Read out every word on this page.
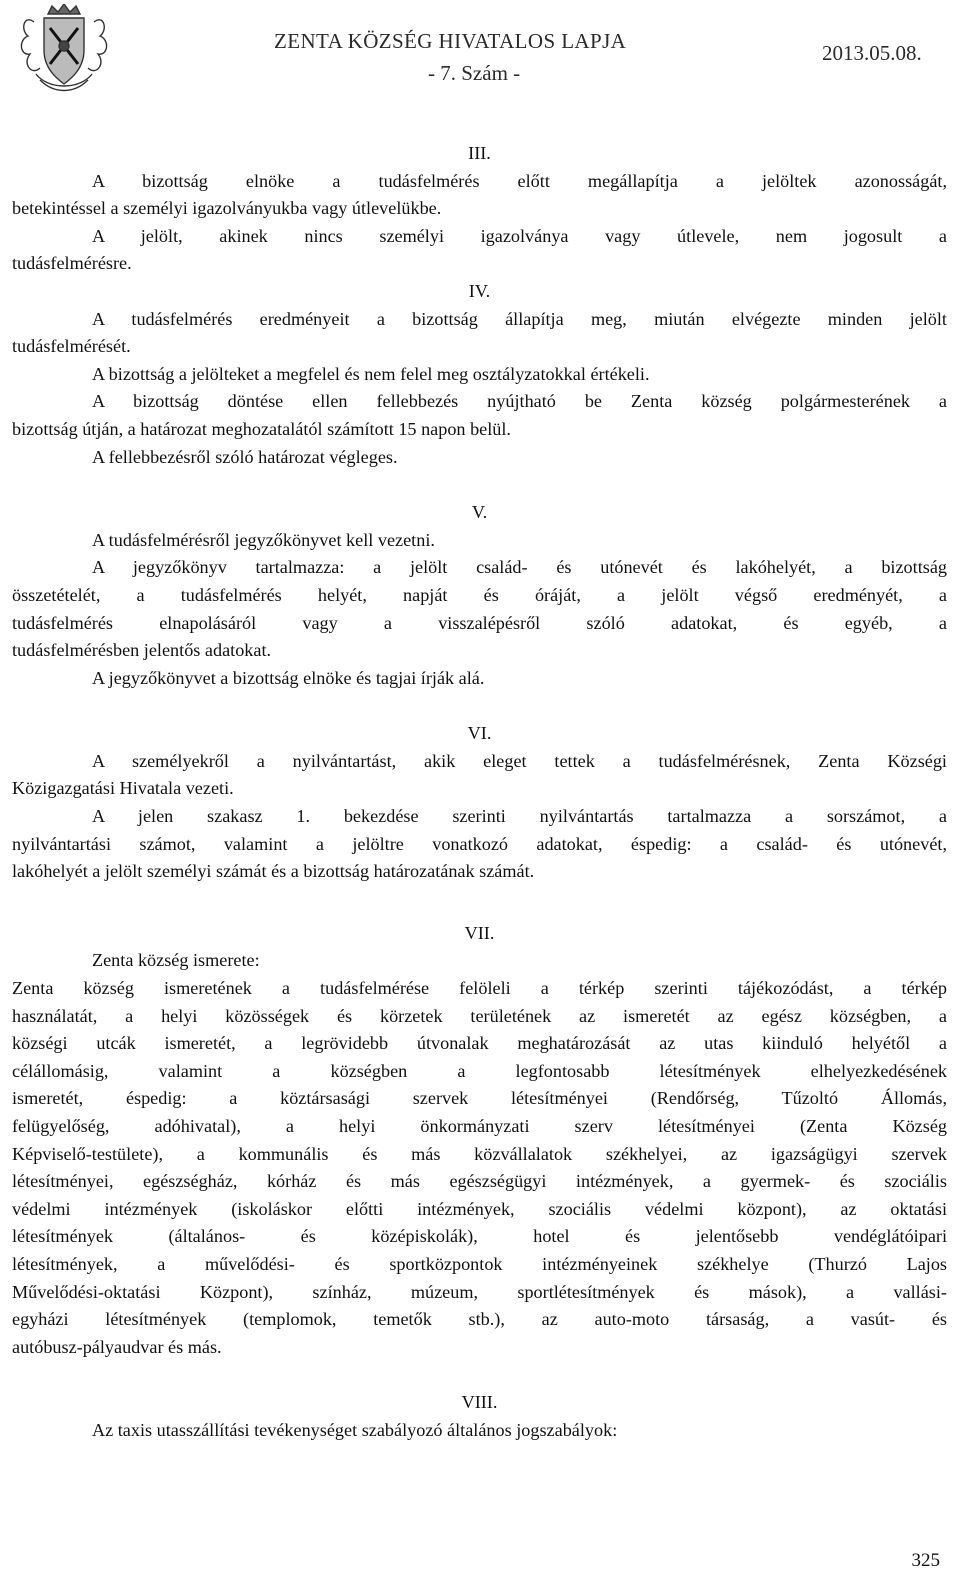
ZENTA KÖZSÉG HIVATALOS LAPJA
- 7. Szám -
2013.05.08.
III.
A bizottság elnöke a tudásfelmérés előtt megállapítja a jelöltek azonosságát,
betekintéssel a személyi igazolványukba vagy útlevelükbe.
A jelölt, akinek nincs személyi igazolványa vagy útlevele, nem jogosult a
tudásfelmérésre.
IV.
A tudásfelmérés eredményeit a bizottság állapítja meg, miután elvégezte minden jelölt
tudásfelmérését.
A bizottság a jelölteket a megfelel és nem felel meg osztályzatokkal értékeli.
A bizottság döntése ellen fellebbezés nyújtható be Zenta község polgármesterének a
bizottság útján, a határozat meghozatalától számított 15 napon belül.
A fellebbezésről szóló határozat végleges.
V.
A tudásfelmérésről jegyzőkönyvet kell vezetni.
A jegyzőkönyv tartalmazza: a jelölt család- és utónevét és lakóhelyét, a bizottság
összetételét, a tudásfelmérés helyét, napját és óráját, a jelölt végső eredményét, a
tudásfelmérés elnapolásáról vagy a visszalépésről szóló adatokat, és egyéb, a
tudásfelmérésben jelentős adatokat.
A jegyzőkönyvet a bizottság elnöke és tagjai írják alá.
VI.
A személyekről a nyilvántartást, akik eleget tettek a tudásfelmérésnek, Zenta Községi
Közigazgatási Hivatala vezeti.
A jelen szakasz 1. bekezdése szerinti nyilvántartás tartalmazza a sorszámot, a
nyilvántartási számot, valamint a jelöltre vonatkozó adatokat, éspedig: a család- és utónevét,
lakóhelyét a jelölt személyi számát és a bizottság határozatának számát.
VII.
Zenta község ismerete:
Zenta község ismeretének a tudásfelmérése felöleli a térkép szerinti tájékozódást, a térkép
használatát, a helyi közösségek és körzetek területének az ismeretét az egész községben, a
községi utcák ismeretét, a legrövidebb útvonalak meghatározását az utas kiinduló helyétől a
célállomásig, valamint a községben a legfontosabb létesítmények elhelyezkedésének
ismeretét, éspedig: a köztársasági szervek létesítményei (Rendőrség, Tűzoltó Állomás,
felügyelőség, adóhivatal), a helyi önkormányzati szerv létesítményei (Zenta Község
Képviselő-testülete), a kommunális és más közvállalatok székhelyei, az igazságügyi szervek
létesítményei, egészségház, kórház és más egészségügyi intézmények, a gyermek- és szociális
védelmi intézmények (iskoláskor előtti intézmények, szociális védelmi központ), az oktatási
létesítmények (általános- és középiskolák), hotel és jelentősebb vendéglátóipari
létesítmények, a művelődési- és sportközpontok intézményeinek székhelye (Thurzó Lajos
Művelődési-oktatási Központ), színház, múzeum, sportlétesítmények és mások), a vallási-
egyházi létesítmények (templomok, temetők stb.), az auto-moto társaság, a vasút- és
autóbusz-pályaudvar és más.
VIII.
Az taxis utasszállítási tevékenységet szabályozó általános jogszabályok:
325
